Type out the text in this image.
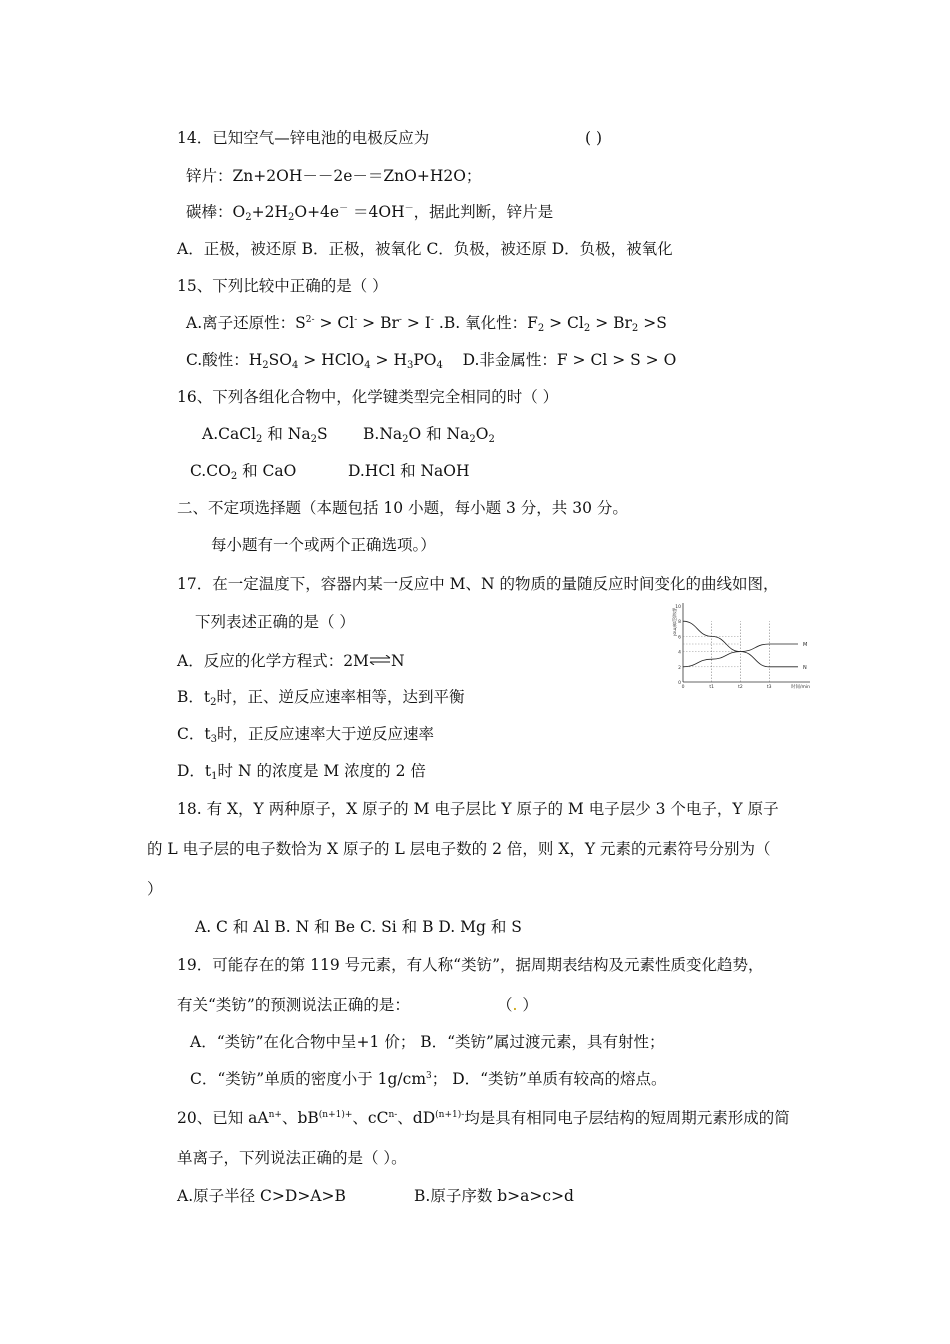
14．已知空气—锌电池的电极反应为	( )
锌片：Zn+2OH－－2e－＝ZnO+H2O；
碳棒：$O_2+2H_2O+4e^- =4OH^-$，据此判断，锌片是
A．正极，被还原 B．正极，被氧化 C．负极，被还原 D．负极，被氧化
15、下列比较中正确的是（ ）
A.离子还原性：$S^{2-} > Cl^- > Br^- > I^-$ .B. 氧化性：$F_2 > Cl_2 > Br_2 >S$
C.酸性：$H_2SO_4$ > HClO$_4$ > $H_3PO_4$ D.非金属性：F > Cl > S > O
16、下列各组化合物中，化学键类型完全相同的时（ ）
A.CaCl$_2$ 和 $Na_2S$ $B.Na_2O$ 和 $Na_2O_2$
$C.CO_2$ 和 CaO	D.HCl 和 NaOH
二、不定项选择题（本题包括 10 小题，每小题 3 分，共 30 分。
每小题有一个或两个正确选项。）
17．在一定温度下，容器内某一反应中 M、N 的物质的量随反应时间变化的曲线如图，
下列表述正确的是（ ）
A．反应的化学方程式：2M⇌N
B．$t_2$时，正、逆反应速率相等，达到平衡
C．$t_3$时，正反应速率大于逆反应速率
D．$t_1$时 N 的浓度是 M 浓度的 2 倍
0
2
4
6
8
10
物质的量/mol
0	t1	t2	t3	时间/min
M
N
18. 有 X，Y 两种原子，X 原子的 M 电子层比 Y 原子的 M 电子层少 3 个电子，Y 原子
的 L 电子层的电子数恰为 X 原子的 L 层电子数的 2 倍，则 X，Y 元素的元素符号分别为（
）
A. C 和 Al B. N 和 Be C. Si 和 B D. Mg 和 S
19．可能存在的第 119 号元素，有人称“类钫”，据周期表结构及元素性质变化趋势，
有关“类钫”的预测说法正确的是：	（. ）
A．“类钫”在化合物中呈+1 价； B．“类钫”属过渡元素，具有射性；
C．“类钫”单质的密度小于 $1g/cm^3$； D．“类钫”单质有较高的熔点。
20、已知 $aA^{n+}$、$bB^{(n+1)+}$、$cC^{n-}$、$dD^{(n+1)-}$均是具有相同电子层结构的短周期元素形成的简
单离子，下列说法正确的是（ ）。
A.原子半径 C>D>A>B	B.原子序数 b>a>c>d
